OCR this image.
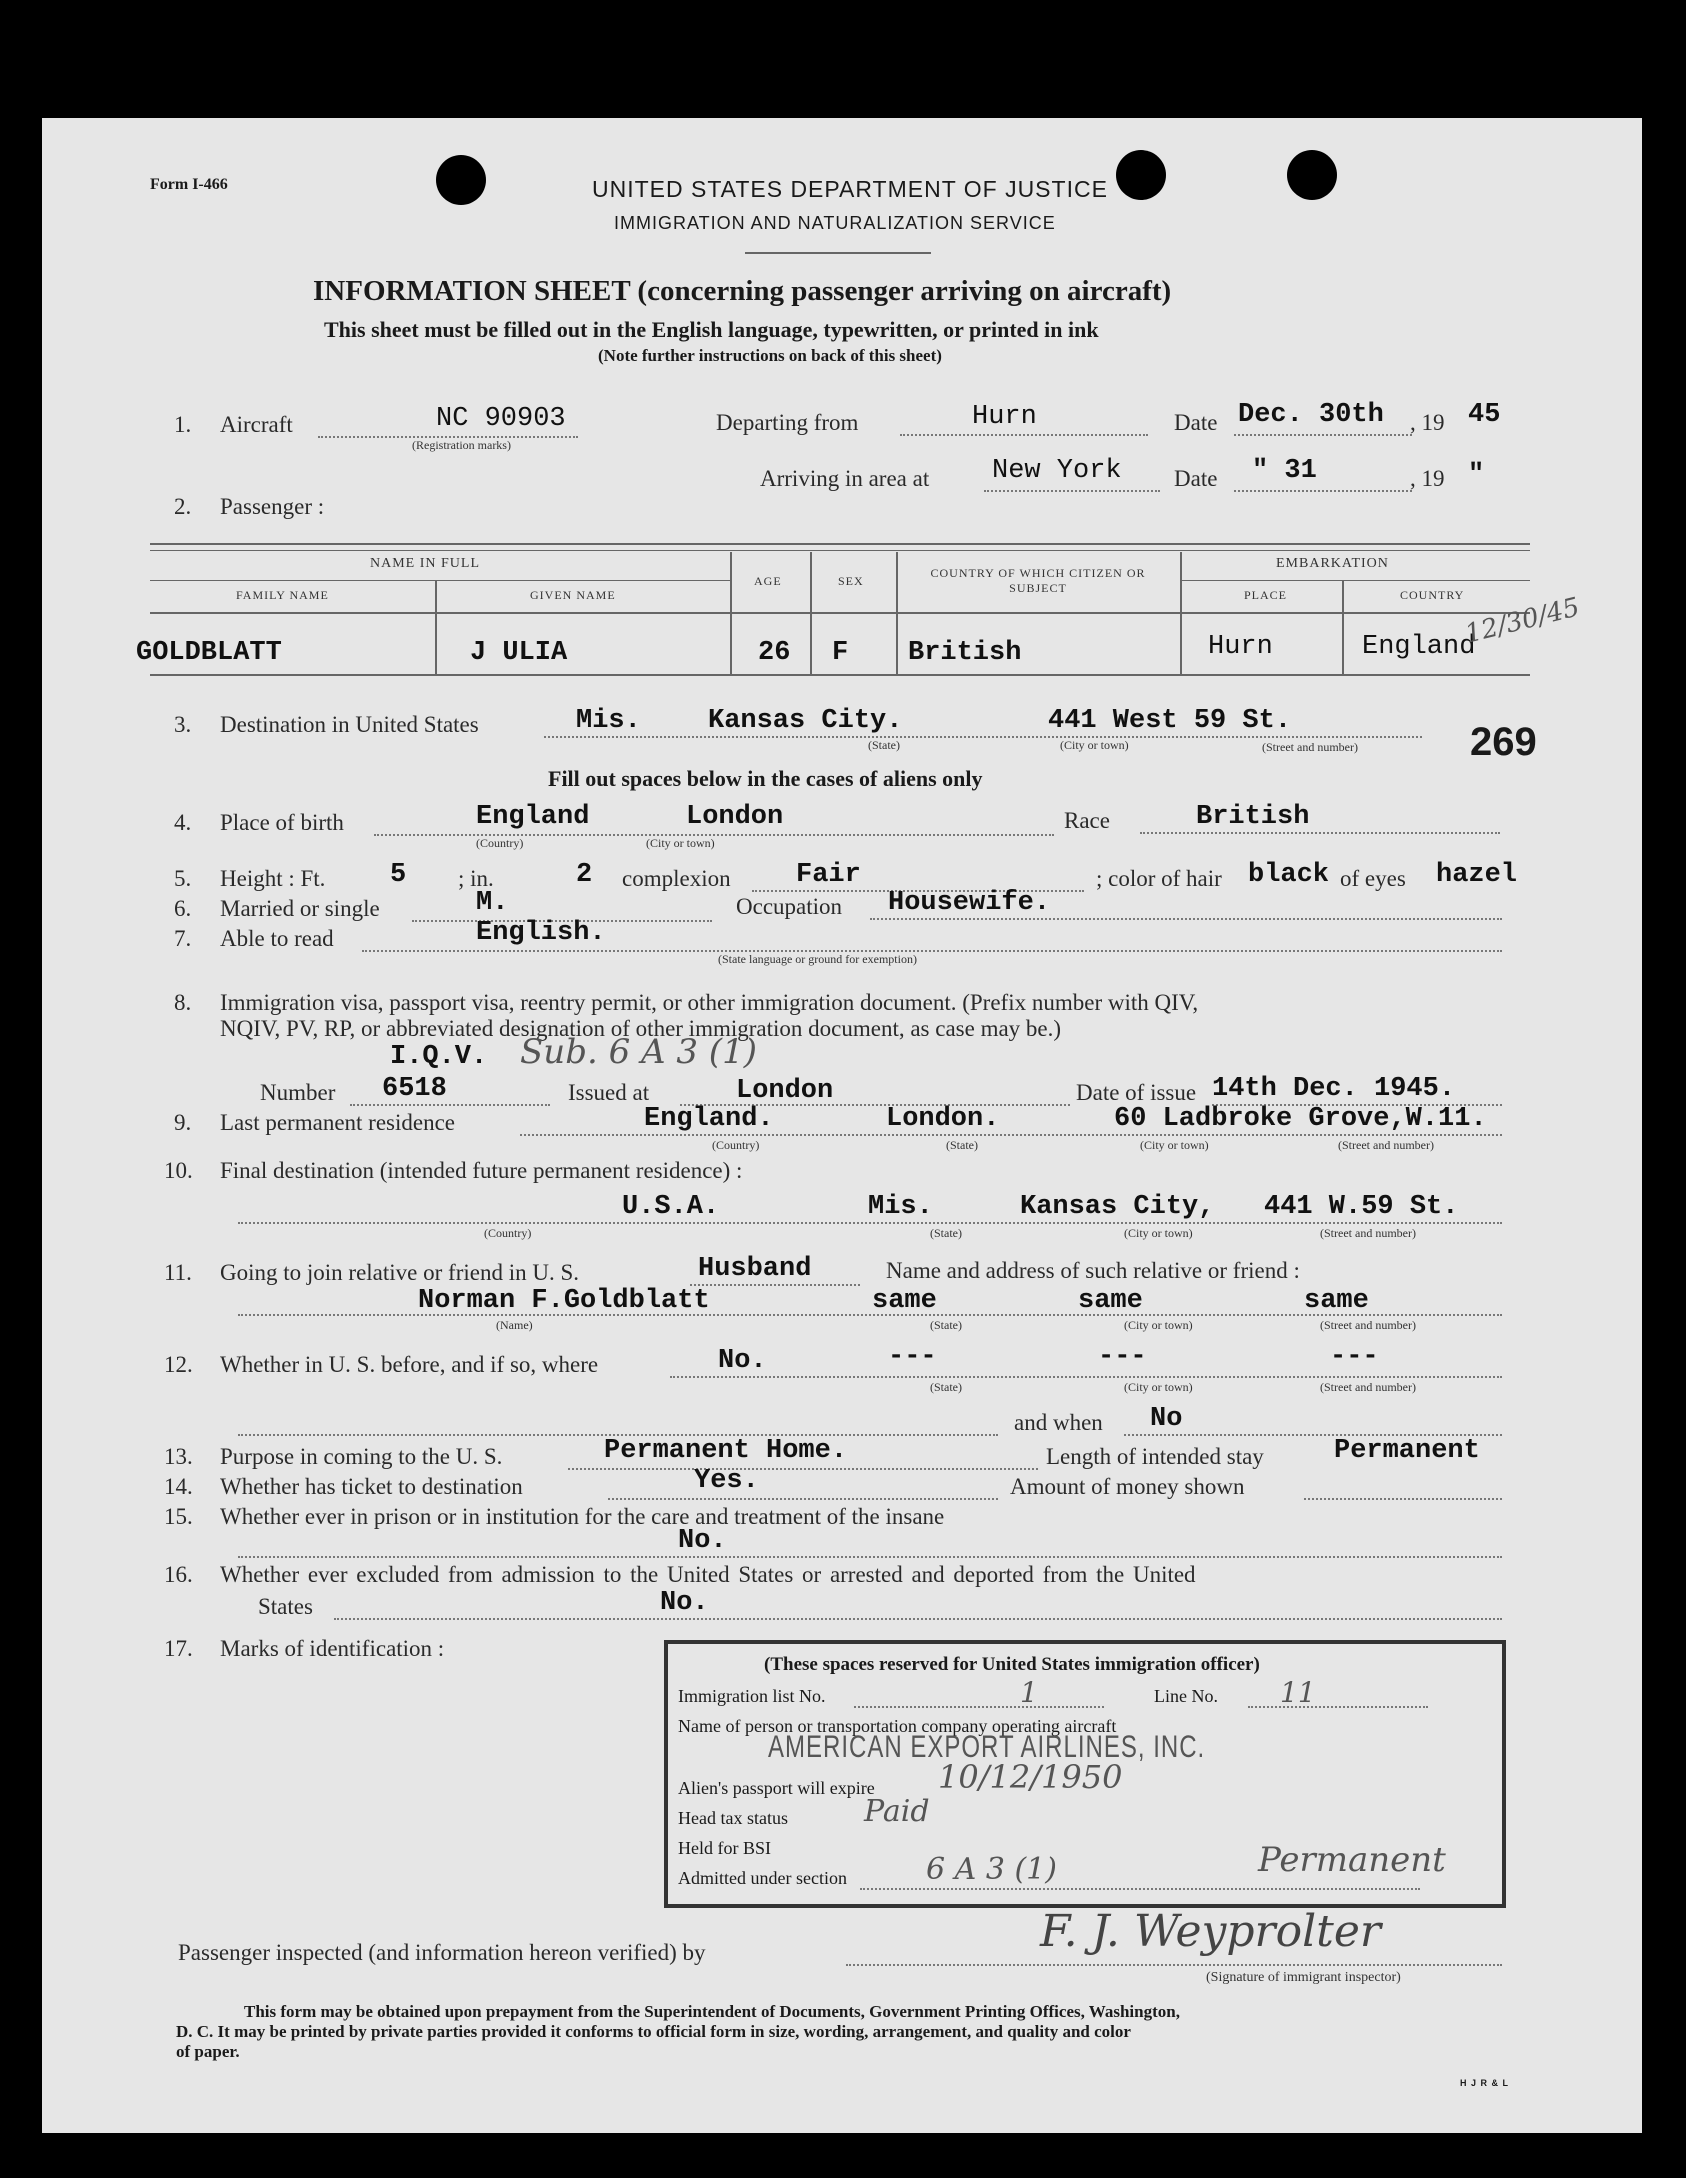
Form I-466	UNITED STATES DEPARTMENT OF JUSTICE
IMMIGRATION AND NATURALIZATION SERVICE
INFORMATION SHEET (concerning passenger arriving on aircraft)
This sheet must be filled out in the English language, typewritten, or printed in ink
(Note further instructions on back of this sheet)
1. Aircraft	NC 90903
(Registration marks)
Departing from	Hurn	Date Dec. 30th , 19 45
Arriving in area at New York Date " 31	, 19 "
2. Passenger :
NAME IN FULL
FAMILY NAME	GIVEN NAME
AGE	SEX
COUNTRY OF WHICH CITIZEN OR SUBJECT
EMBARKATION
PLACE	COUNTRY
GOLDBLATT	J ULIA	26 F British	Hurn	England
12/30/45
3. Destination in United States	Mis. Kansas City.	441 West 59 St.
(State)	(City or town)	(Street and number)	269
Fill out spaces below in the cases of aliens only
4. Place of birth	England	London
(Country)	(City or town)
Race	British
5. Height : Ft. 5 ; in.	2 complexion Fair	; color of hair black of eyes hazel
6. Married or single	M.	Occupation Housewife.
7. Able to read	English.
(State language or ground for exemption)
8. Immigration visa, passport visa, reentry permit, or other immigration document. (Prefix number with QIV,
NQIV, PV, RP, or abbreviated designation of other immigration document, as case may be.)
I.Q.V. Sub. 6 A 3 (1)
Number 6518	Issued at	London	Date of issue 14th Dec. 1945.
9. Last permanent residence	England.	London.	60 Ladbroke Grove,W.11.
(Country)	(State)	(City or town)	(Street and number)
10. Final destination (intended future permanent residence) :
U.S.A.	Mis.	Kansas City, 441 W.59 St.
(Country)	(State)	(City or town)	(Street and number)
11. Going to join relative or friend in U. S.	Husband	Name and address of such relative or friend :
Norman F.Goldblatt	same	same	same
(Name)	(State)	(City or town)	(Street and number)
12. Whether in U. S. before, and if so, where	No.	---	---	---
(State)	(City or town)	(Street and number)
and when No
13. Purpose in coming to the U. S.	Permanent Home.	Length of intended stay	Permanent
14. Whether has ticket to destination	Yes.	Amount of money shown
15. Whether ever in prison or in institution for the care and treatment of the insane
No.
16. Whether ever excluded from admission to the United States or arrested and deported from the United
States	No.
17. Marks of identification :
(These spaces reserved for United States immigration officer)
Immigration list No.	1	Line No. 11
Name of person or transportation company operating aircraft
AMERICAN EXPORT AIRLINES, INC.
Alien's passport will expire 10/12/1950
Head tax status	Paid
Held for BSI
Admitted under section	6 A 3 (1)	Permanent
Passenger inspected (and information hereon verified) by	F. J. Weyprolter
(Signature of immigrant inspector)
This form may be obtained upon prepayment from the Superintendent of Documents, Government Printing Offices, Washington,
D. C. It may be printed by private parties provided it conforms to official form in size, wording, arrangement, and quality and color
of paper.
H J R & L
